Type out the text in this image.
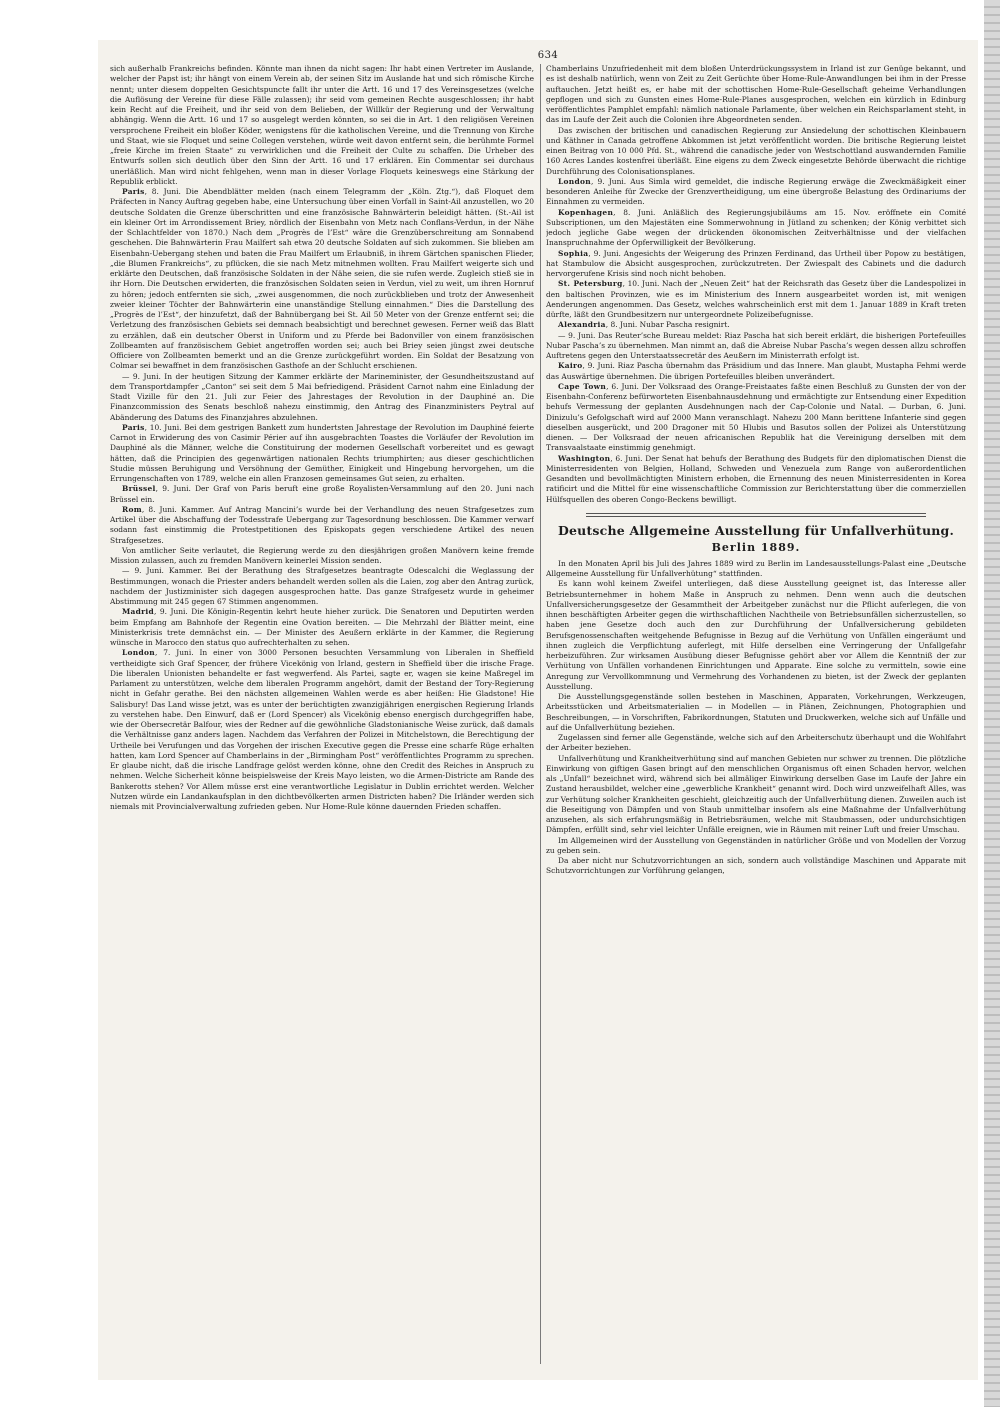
634

sich außerhalb Frankreichs befinden. Könnte man ihnen da nicht sagen: Ihr habt einen Vertreter im Auslande, welcher der Papst ist; ihr hängt von einem Verein ab, der seinen Sitz im Auslande hat und sich römische Kirche nennt; unter diesem doppelten Gesichtspuncte fallt ihr unter die Artt. 16 und 17 des Vereinsgesetzes (welche die Auflösung der Vereine für diese Fälle zulassen); ihr seid vom gemeinen Rechte ausgeschlossen; ihr habt kein Recht auf die Freiheit, und ihr seid von dem Belieben, der Willkür der Regierung und der Verwaltung abhängig. Wenn die Artt. 16 und 17 so ausgelegt werden könnten, so sei die in Art. 1 den religiösen Vereinen versprochene Freiheit ein bloßer Köder, wenigstens für die katholischen Vereine, und die Trennung von Kirche und Staat, wie sie Floquet und seine Collegen verstehen, würde weit davon entfernt sein, die berühmte Formel „freie Kirche im freien Staate“ zu verwirklichen und die Freiheit der Culte zu schaffen. Die Urheber des Entwurfs sollen sich deutlich über den Sinn der Artt. 16 und 17 erklären. Ein Commentar sei durchaus unerläßlich. Man wird nicht fehlgehen, wenn man in dieser Vorlage Floquets keineswegs eine Stärkung der Republik erblickt.

Paris, 8. Juni. Die Abendblätter melden (nach einem Telegramm der „Köln. Ztg.“), daß Floquet dem Präfecten in Nancy Auftrag gegeben habe, eine Untersuchung über einen Vorfall in Saint-Ail anzustellen, wo 20 deutsche Soldaten die Grenze überschritten und eine französische Bahnwärterin beleidigt hätten. (St.-Ail ist ein kleiner Ort im Arrondissement Briey, nördlich der Eisenbahn von Metz nach Conflans-Verdun, in der Nähe der Schlachtfelder von 1870.) Nach dem „Progrès de l’Est“ wäre die Grenzüberschreitung am Sonnabend geschehen. Die Bahnwärterin Frau Mailfert sah etwa 20 deutsche Soldaten auf sich zukommen. Sie blieben am Eisenbahn-Uebergang stehen und baten die Frau Mailfert um Erlaubniß, in ihrem Gärtchen spanischen Flieder, „die Blumen Frankreichs“, zu pflücken, die sie nach Metz mitnehmen wollten. Frau Mailfert weigerte sich und erklärte den Deutschen, daß französische Soldaten in der Nähe seien, die sie rufen werde. Zugleich stieß sie in ihr Horn. Die Deutschen erwiderten, die französischen Soldaten seien in Verdun, viel zu weit, um ihren Hornruf zu hören; jedoch entfernten sie sich, „zwei ausgenommen, die noch zurückblieben und trotz der Anwesenheit zweier kleiner Töchter der Bahnwärterin eine unanständige Stellung einnahmen.“ Dies die Darstellung des „Progrès de l’Est“, der hinzufetzt, daß der Bahnübergang bei St. Ail 50 Meter von der Grenze entfernt sei; die Verletzung des französischen Gebiets sei demnach beabsichtigt und berechnet gewesen. Ferner weiß das Blatt zu erzählen, daß ein deutscher Oberst in Uniform und zu Pferde bei Badonviller von einem französischen Zollbeamten auf französischem Gebiet angetroffen worden sei; auch bei Briey seien jüngst zwei deutsche Officiere von Zollbeamten bemerkt und an die Grenze zurückgeführt worden. Ein Soldat der Besatzung von Colmar sei bewaffnet in dem französischen Gasthofe an der Schlucht erschienen.

— 9. Juni. In der heutigen Sitzung der Kammer erklärte der Marineminister, der Gesundheitszustand auf dem Transportdampfer „Canton“ sei seit dem 5 Mai befriedigend. Präsident Carnot nahm eine Einladung der Stadt Vizille für den 21. Juli zur Feier des Jahrestages der Revolution in der Dauphiné an. Die Finanzcommission des Senats beschloß nahezu einstimmig, den Antrag des Finanzministers Peytral auf Abänderung des Datums des Finanzjahres abzulehnen.

Paris, 10. Juni. Bei dem gestrigen Bankett zum hundertsten Jahrestage der Revolution im Dauphiné feierte Carnot in Erwiderung des von Casimir Périer auf ihn ausgebrachten Toastes die Vorläufer der Revolution im Dauphiné als die Männer, welche die Constituirung der modernen Gesellschaft vorbereitet und es gewagt hätten, daß die Principien des gegenwärtigen nationalen Rechts triumphirten; aus dieser geschichtlichen Studie müssen Beruhigung und Versöhnung der Gemüther, Einigkeit und Hingebung hervorgehen, um die Errungenschaften von 1789, welche ein allen Franzosen gemeinsames Gut seien, zu erhalten.

Brüssel, 9. Juni. Der Graf von Paris beruft eine große Royalisten-Versammlung auf den 20. Juni nach Brüssel ein.

Rom, 8. Juni. Kammer. Auf Antrag Mancini’s wurde bei der Verhandlung des neuen Strafgesetzes zum Artikel über die Abschaffung der Todesstrafe Uebergang zur Tagesordnung beschlossen. Die Kammer verwarf sodann fast einstimmig die Protestpetitionen des Episkopats gegen verschiedene Artikel des neuen Strafgesetzes.

Von amtlicher Seite verlautet, die Regierung werde zu den diesjährigen großen Manövern keine fremde Mission zulassen, auch zu fremden Manövern keinerlei Mission senden.

— 9. Juni. Kammer. Bei der Berathung des Strafgesetzes beantragte Odescalchi die Weglassung der Bestimmungen, wonach die Priester anders behandelt werden sollen als die Laien, zog aber den Antrag zurück, nachdem der Justizminister sich dagegen ausgesprochen hatte. Das ganze Strafgesetz wurde in geheimer Abstimmung mit 245 gegen 67 Stimmen angenommen.

Madrid, 9. Juni. Die Königin-Regentin kehrt heute hieher zurück. Die Senatoren und Deputirten werden beim Empfang am Bahnhofe der Regentin eine Ovation bereiten. — Die Mehrzahl der Blätter meint, eine Ministerkrisis trete demnächst ein. — Der Minister des Aeußern erklärte in der Kammer, die Regierung wünsche in Marocco den status quo aufrechterhalten zu sehen.

London, 7. Juni. In einer von 3000 Personen besuchten Versammlung von Liberalen in Sheffield vertheidigte sich Graf Spencer, der frühere Vicekönig von Irland, gestern in Sheffield über die irische Frage. Die liberalen Unionisten behandelte er fast wegwerfend. Als Partei, sagte er, wagen sie keine Maßregel im Parlament zu unterstützen, welche dem liberalen Programm angehört, damit der Bestand der Tory-Regierung nicht in Gefahr gerathe. Bei den nächsten allgemeinen Wahlen werde es aber heißen: Hie Gladstone! Hie Salisbury! Das Land wisse jetzt, was es unter der berüchtigten zwanzigjährigen energischen Regierung Irlands zu verstehen habe. Den Einwurf, daß er (Lord Spencer) als Vicekönig ebenso energisch durchgegriffen habe, wie der Obersecretär Balfour, wies der Redner auf die gewöhnliche Gladstonianische Weise zurück, daß damals die Verhältnisse ganz anders lagen. Nachdem das Verfahren der Polizei in Mitchelstown, die Berechtigung der Urtheile bei Verufungen und das Vorgehen der irischen Executive gegen die Presse eine scharfe Rüge erhalten hatten, kam Lord Spencer auf Chamberlains in der „Birmingham Post“ veröffentlichtes Programm zu sprechen. Er glaube nicht, daß die irische Landfrage gelöst werden könne, ohne den Credit des Reiches in Anspruch zu nehmen. Welche Sicherheit könne beispielsweise der Kreis Mayo leisten, wo die Armen-Districte am Rande des Bankerotts stehen? Vor Allem müsse erst eine verantwortliche Legislatur in Dublin errichtet werden. Welcher Nutzen würde ein Landankaufsplan in den dichtbevölkerten armen Districten haben? Die Irländer werden sich niemals mit Provincialverwaltung zufrieden geben. Nur Home-Rule könne dauernden Frieden schaffen.

Chamberlains Unzufriedenheit mit dem bloßen Unterdrückungssystem in Irland ist zur Genüge bekannt, und es ist deshalb natürlich, wenn von Zeit zu Zeit Gerüchte über Home-Rule-Anwandlungen bei ihm in der Presse auftauchen. Jetzt heißt es, er habe mit der schottischen Home-Rule-Gesellschaft geheime Verhandlungen gepflogen und sich zu Gunsten eines Home-Rule-Planes ausgesprochen, welchen ein kürzlich in Edinburg veröffentlichtes Pamphlet empfahl: nämlich nationale Parlamente, über welchen ein Reichsparlament steht, in das im Laufe der Zeit auch die Colonien ihre Abgeordneten senden.

Das zwischen der britischen und canadischen Regierung zur Ansiedelung der schottischen Kleinbauern und Käthner in Canada getroffene Abkommen ist jetzt veröffentlicht worden. Die britische Regierung leistet einen Beitrag von 10 000 Pfd. St., während die canadische jeder von Westschottland auswandernden Familie 160 Acres Landes kostenfrei überläßt. Eine eigens zu dem Zweck eingesetzte Behörde überwacht die richtige Durchführung des Colonisationsplanes.

London, 9. Juni. Aus Simla wird gemeldet, die indische Regierung erwäge die Zweckmäßigkeit einer besonderen Anleihe für Zwecke der Grenzvertheidigung, um eine übergroße Belastung des Ordinariums der Einnahmen zu vermeiden.

Kopenhagen, 8. Juni. Anläßlich des Regierungsjubiläums am 15. Nov. eröffnete ein Comité Subscriptionen, um den Majestäten eine Sommerwohnung in Jütland zu schenken; der König verbittet sich jedoch jegliche Gabe wegen der drückenden ökonomischen Zeitverhältnisse und der vielfachen Inanspruchnahme der Opferwilligkeit der Bevölkerung.

Sophia, 9. Juni. Angesichts der Weigerung des Prinzen Ferdinand, das Urtheil über Popow zu bestätigen, hat Stambulow die Absicht ausgesprochen, zurückzutreten. Der Zwiespalt des Cabinets und die dadurch hervorgerufene Krisis sind noch nicht behoben.

St. Petersburg, 10. Juni. Nach der „Neuen Zeit“ hat der Reichsrath das Gesetz über die Landespolizei in den baltischen Provinzen, wie es im Ministerium des Innern ausgearbeitet worden ist, mit wenigen Aenderungen angenommen. Das Gesetz, welches wahrscheinlich erst mit dem 1. Januar 1889 in Kraft treten dürfte, läßt den Grundbesitzern nur untergeordnete Polizeibefugnisse.

Alexandria, 8. Juni. Nubar Pascha resignirt.

— 9. Juni. Das Reuter’sche Bureau meldet: Riaz Pascha hat sich bereit erklärt, die bisherigen Portefeuilles Nubar Pascha’s zu übernehmen. Man nimmt an, daß die Abreise Nubar Pascha’s wegen dessen allzu schroffen Auftretens gegen den Unterstaatssecretär des Aeußern im Ministerrath erfolgt ist.

Kairo, 9. Juni. Riaz Pascha übernahm das Präsidium und das Innere. Man glaubt, Mustapha Fehmi werde das Auswärtige übernehmen. Die übrigen Portefeuilles bleiben unverändert.

Cape Town, 6. Juni. Der Volksraad des Orange-Freistaates faßte einen Beschluß zu Gunsten der von der Eisenbahn-Conferenz befürworteten Eisenbahnausdehnung und ermächtigte zur Entsendung einer Expedition behufs Vermessung der geplanten Ausdehnungen nach der Cap-Colonie und Natal. — Durban, 6. Juni. Dinizulu’s Gefolgschaft wird auf 2000 Mann veranschlagt. Nahezu 200 Mann berittene Infanterie sind gegen dieselben ausgerückt, und 200 Dragoner mit 50 Hlubis und Basutos sollen der Polizei als Unterstützung dienen. — Der Volksraad der neuen africanischen Republik hat die Vereinigung derselben mit dem Transvaalstaate einstimmig genehmigt.

Washington, 6. Juni. Der Senat hat behufs der Berathung des Budgets für den diplomatischen Dienst die Ministerresidenten von Belgien, Holland, Schweden und Venezuela zum Range von außerordentlichen Gesandten und bevollmächtigten Ministern erhoben, die Ernennung des neuen Ministerresidenten in Korea ratificirt und die Mittel für eine wissenschaftliche Commission zur Berichterstattung über die commerziellen Hülfsquellen des oberen Congo-Beckens bewilligt.

Deutsche Allgemeine Ausstellung für Unfallverhütung.
Berlin 1889.

In den Monaten April bis Juli des Jahres 1889 wird zu Berlin im Landesausstellungs-Palast eine „Deutsche Allgemeine Ausstellung für Unfallverhütung“ stattfinden.

Es kann wohl keinem Zweifel unterliegen, daß diese Ausstellung geeignet ist, das Interesse aller Betriebsunternehmer in hohem Maße in Anspruch zu nehmen. Denn wenn auch die deutschen Unfallversicherungsgesetze der Gesammtheit der Arbeitgeber zunächst nur die Pflicht auferlegen, die von ihnen beschäftigten Arbeiter gegen die wirthschaftlichen Nachtheile von Betriebsunfällen sicherzustellen, so haben jene Gesetze doch auch den zur Durchführung der Unfallversicherung gebildeten Berufsgenossenschaften weitgehende Befugnisse in Bezug auf die Verhütung von Unfällen eingeräumt und ihnen zugleich die Verpflichtung auferlegt, mit Hilfe derselben eine Verringerung der Unfallgefahr herbeizuführen. Zur wirksamen Ausübung dieser Befugnisse gehört aber vor Allem die Kenntniß der zur Verhütung von Unfällen vorhandenen Einrichtungen und Apparate. Eine solche zu vermitteln, sowie eine Anregung zur Vervollkommnung und Vermehrung des Vorhandenen zu bieten, ist der Zweck der geplanten Ausstellung.

Die Ausstellungsgegenstände sollen bestehen in Maschinen, Apparaten, Vorkehrungen, Werkzeugen, Arbeitsstücken und Arbeitsmaterialien — in Modellen — in Plänen, Zeichnungen, Photographien und Beschreibungen, — in Vorschriften, Fabrikordnungen, Statuten und Druckwerken, welche sich auf Unfälle und auf die Unfallverhütung beziehen.

Zugelassen sind ferner alle Gegenstände, welche sich auf den Arbeiterschutz überhaupt und die Wohlfahrt der Arbeiter beziehen.

Unfallverhütung und Krankheitverhütung sind auf manchen Gebieten nur schwer zu trennen. Die plötzliche Einwirkung von giftigen Gasen bringt auf den menschlichen Organismus oft einen Schaden hervor, welchen als „Unfall“ bezeichnet wird, während sich bei allmäliger Einwirkung derselben Gase im Laufe der Jahre ein Zustand herausbildet, welcher eine „gewerbliche Krankheit“ genannt wird. Doch wird unzweifelhaft Alles, was zur Verhütung solcher Krankheiten geschieht, gleichzeitig auch der Unfallverhütung dienen. Zuweilen auch ist die Beseitigung von Dämpfen und von Staub unmittelbar insofern als eine Maßnahme der Unfallverhütung anzusehen, als sich erfahrungsmäßig in Betriebsräumen, welche mit Staubmassen, oder undurchsichtigen Dämpfen, erfüllt sind, sehr viel leichter Unfälle ereignen, wie in Räumen mit reiner Luft und freier Umschau.

Im Allgemeinen wird der Ausstellung von Gegenständen in natürlicher Größe und von Modellen der Vorzug zu geben sein.

Da aber nicht nur Schutzvorrichtungen an sich, sondern auch vollständige Maschinen und Apparate mit Schutzvorrichtungen zur Vorführung gelangen,
